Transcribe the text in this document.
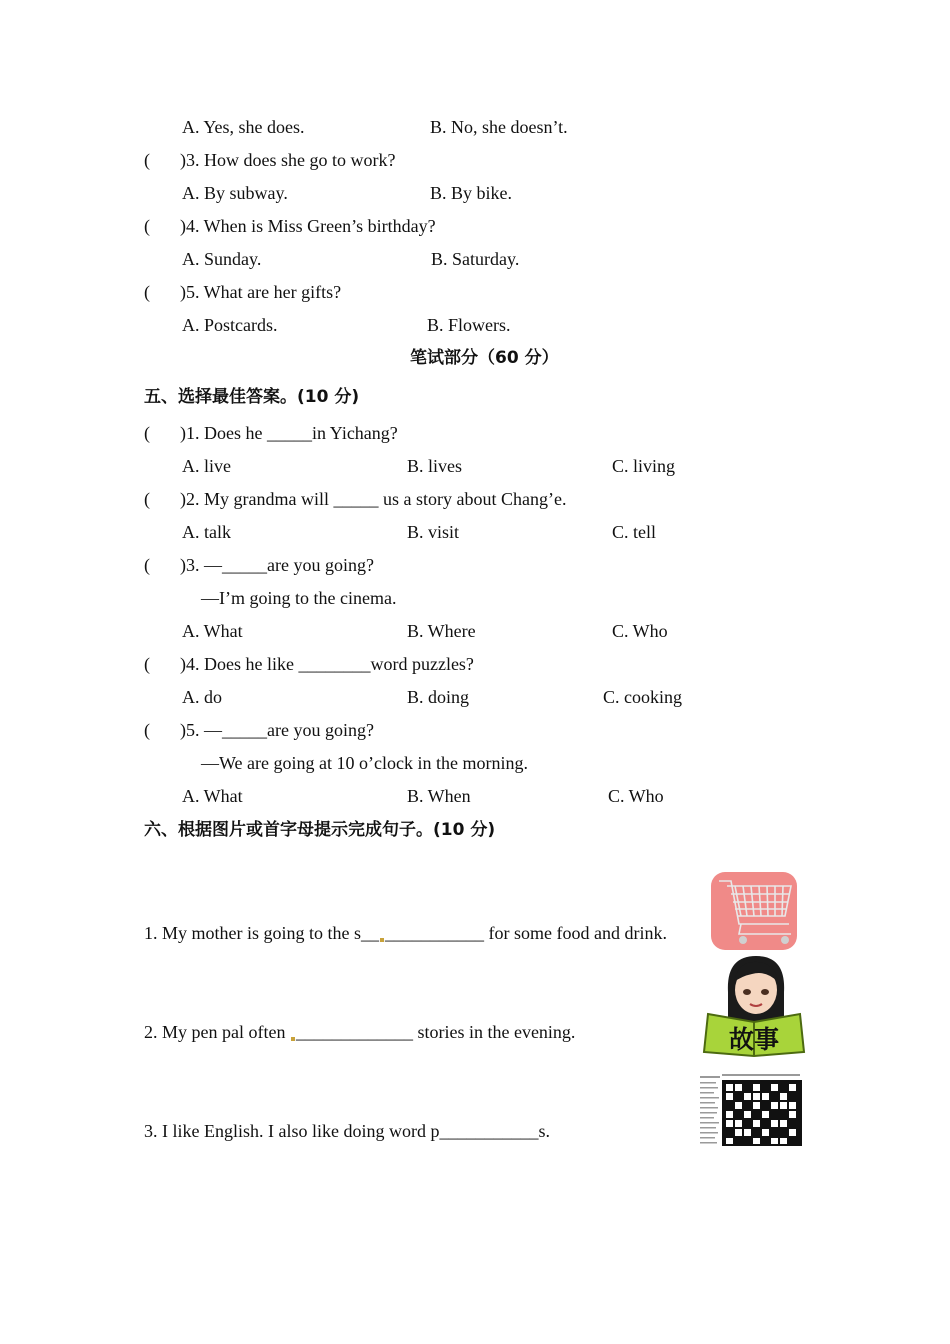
A. Yes, she does.	B. No, she doesn’t.
( )3. How does she go to work?
A. By subway.	B. By bike.
( )4. When is Miss Green’s birthday?
A. Sunday.	B. Saturday.
( )5. What are her gifts?
A. Postcards.	B. Flowers.
笔试部分（60 分）
五、选择最佳答案。(10 分)
( )1. Does he _____in Yichang?
A. live	B. lives	C. living
( )2. My grandma will _____ us a story about Chang’e.
A. talk	B. visit	C. tell
( )3. —_____are you going?
—I’m going to the cinema.
A. What	B. Where	C. Who
( )4. Does he like ________word puzzles?
A. do	B. doing	C. cooking
( )5. —_____are you going?
—We are going at 10 o’clock in the morning.
A. What	B. When	C. Who
六、根据图片或首字母提示完成句子。(10 分)
1. My mother is going to the s__ ___________ for some food and drink.
2. My pen pal often _____________ stories in the evening.
3. I like English. I also like doing word p___________s.
故事
